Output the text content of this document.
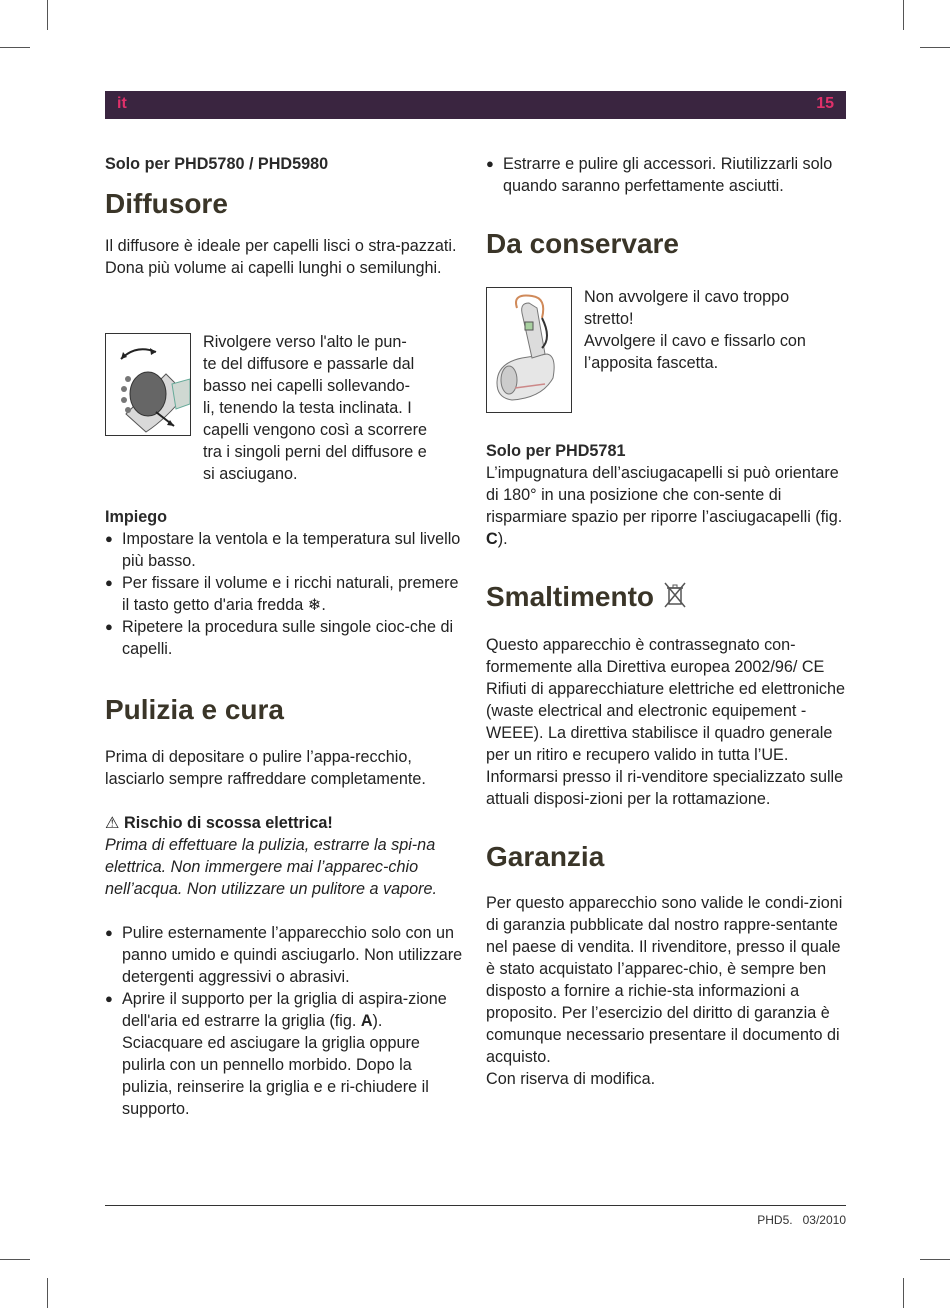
it	15

Solo per PHD5780 / PHD5980

Diffusore

Il diffusore è ideale per capelli lisci o stra-pazzati. Dona più volume ai capelli lunghi o semilunghi.

Rivolgere verso l'alto le pun-

te del diffusore e passarle dal

basso nei capelli sollevando-

li, tenendo la testa inclinata. I

capelli vengono così a scorrere

tra i singoli perni del diffusore e

si asciugano.

Impiego

● Impostare la ventola e la temperatura sul livello più basso.
● Per fissare il volume e i ricchi naturali, premere il tasto getto d'aria fredda ❄.
● Ripetere la procedura sulle singole cioc-che di capelli.
Pulizia e cura

Prima di depositare o pulire l’appa-recchio, lasciarlo sempre raffreddare completamente.

⚠ Rischio di scossa elettrica!

Prima di effettuare la pulizia, estrarre la spi-na elettrica. Non immergere mai l’apparec-chio nell’acqua. Non utilizzare un pulitore a vapore.

● Pulire esternamente l’apparecchio solo con un panno umido e quindi asciugarlo. Non utilizzare detergenti aggressivi o abrasivi.
● Aprire il supporto per la griglia di aspira-zione dell'aria ed estrarre la griglia (fig. A). Sciacquare ed asciugare la griglia oppure pulirla con un pennello morbido. Dopo la pulizia, reinserire la griglia e e ri-chiudere il supporto.
● Estrarre e pulire gli accessori. Riutilizzarli solo quando saranno perfettamente asciutti.
Da conservare

Non avvolgere il cavo troppo

stretto!

Avvolgere il cavo e fissarlo con

l’apposita fascetta.

Solo per PHD5781

L’impugnatura dell’asciugacapelli si può orientare di 180° in una posizione che con-sente di risparmiare spazio per riporre l’asciugacapelli (fig. C).

Smaltimento

Questo apparecchio è contrassegnato con-formemente alla Direttiva europea 2002/96/ CE Rifiuti di apparecchiature elettriche ed elettroniche (waste electrical and electronic equipement -WEEE). La direttiva stabilisce il quadro generale per un ritiro e recupero valido in tutta l’UE. Informarsi presso il ri-venditore specializzato sulle attuali disposi-zioni per la rottamazione.

Garanzia

Per questo apparecchio sono valide le condi-zioni di garanzia pubblicate dal nostro rappre-sentante nel paese di vendita. Il rivenditore, presso il quale è stato acquistato l’apparec-chio, è sempre ben disposto a fornire a richie-sta informazioni a proposito. Per l’esercizio del diritto di garanzia è comunque necessario presentare il documento di acquisto.

Con riserva di modifica.

PHD5.   03/2010
